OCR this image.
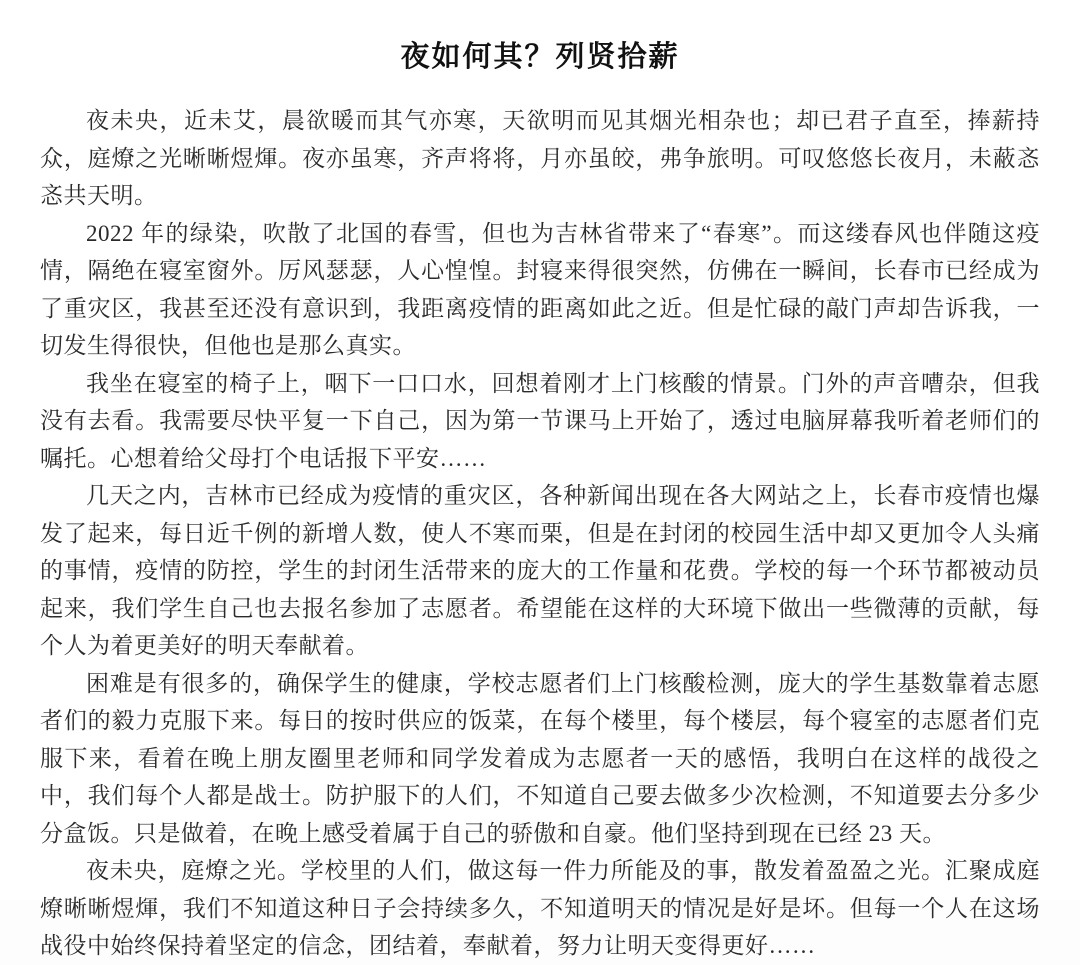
夜如何其？列贤拾薪

夜未央，近未艾，晨欲暖而其气亦寒，天欲明而见其烟光相杂也；却已君子直至，捧薪持众，庭燎之光晰晰煜煇。夜亦虽寒，齐声将将，月亦虽皎，弗争旅明。可叹悠悠长夜月，未蔽忞忞共天明。

2022 年的绿染，吹散了北国的春雪，但也为吉林省带来了“春寒”。而这缕春风也伴随这疫情，隔绝在寝室窗外。厉风瑟瑟，人心惶惶。封寝来得很突然，仿佛在一瞬间，长春市已经成为了重灾区，我甚至还没有意识到，我距离疫情的距离如此之近。但是忙碌的敲门声却告诉我，一切发生得很快，但他也是那么真实。

我坐在寝室的椅子上，咽下一口口水，回想着刚才上门核酸的情景。门外的声音嘈杂，但我没有去看。我需要尽快平复一下自己，因为第一节课马上开始了，透过电脑屏幕我听着老师们的嘱托。心想着给父母打个电话报下平安……

几天之内，吉林市已经成为疫情的重灾区，各种新闻出现在各大网站之上，长春市疫情也爆发了起来，每日近千例的新增人数，使人不寒而栗，但是在封闭的校园生活中却又更加令人头痛的事情，疫情的防控，学生的封闭生活带来的庞大的工作量和花费。学校的每一个环节都被动员起来，我们学生自己也去报名参加了志愿者。希望能在这样的大环境下做出一些微薄的贡献，每个人为着更美好的明天奉献着。

困难是有很多的，确保学生的健康，学校志愿者们上门核酸检测，庞大的学生基数靠着志愿者们的毅力克服下来。每日的按时供应的饭菜，在每个楼里，每个楼层，每个寝室的志愿者们克服下来，看着在晚上朋友圈里老师和同学发着成为志愿者一天的感悟，我明白在这样的战役之中，我们每个人都是战士。防护服下的人们，不知道自己要去做多少次检测，不知道要去分多少分盒饭。只是做着，在晚上感受着属于自己的骄傲和自豪。他们坚持到现在已经 23 天。

夜未央，庭燎之光。学校里的人们，做这每一件力所能及的事，散发着盈盈之光。汇聚成庭燎晰晰煜煇，我们不知道这种日子会持续多久，不知道明天的情况是好是坏。但每一个人在这场战役中始终保持着坚定的信念，团结着，奉献着，努力让明天变得更好……
